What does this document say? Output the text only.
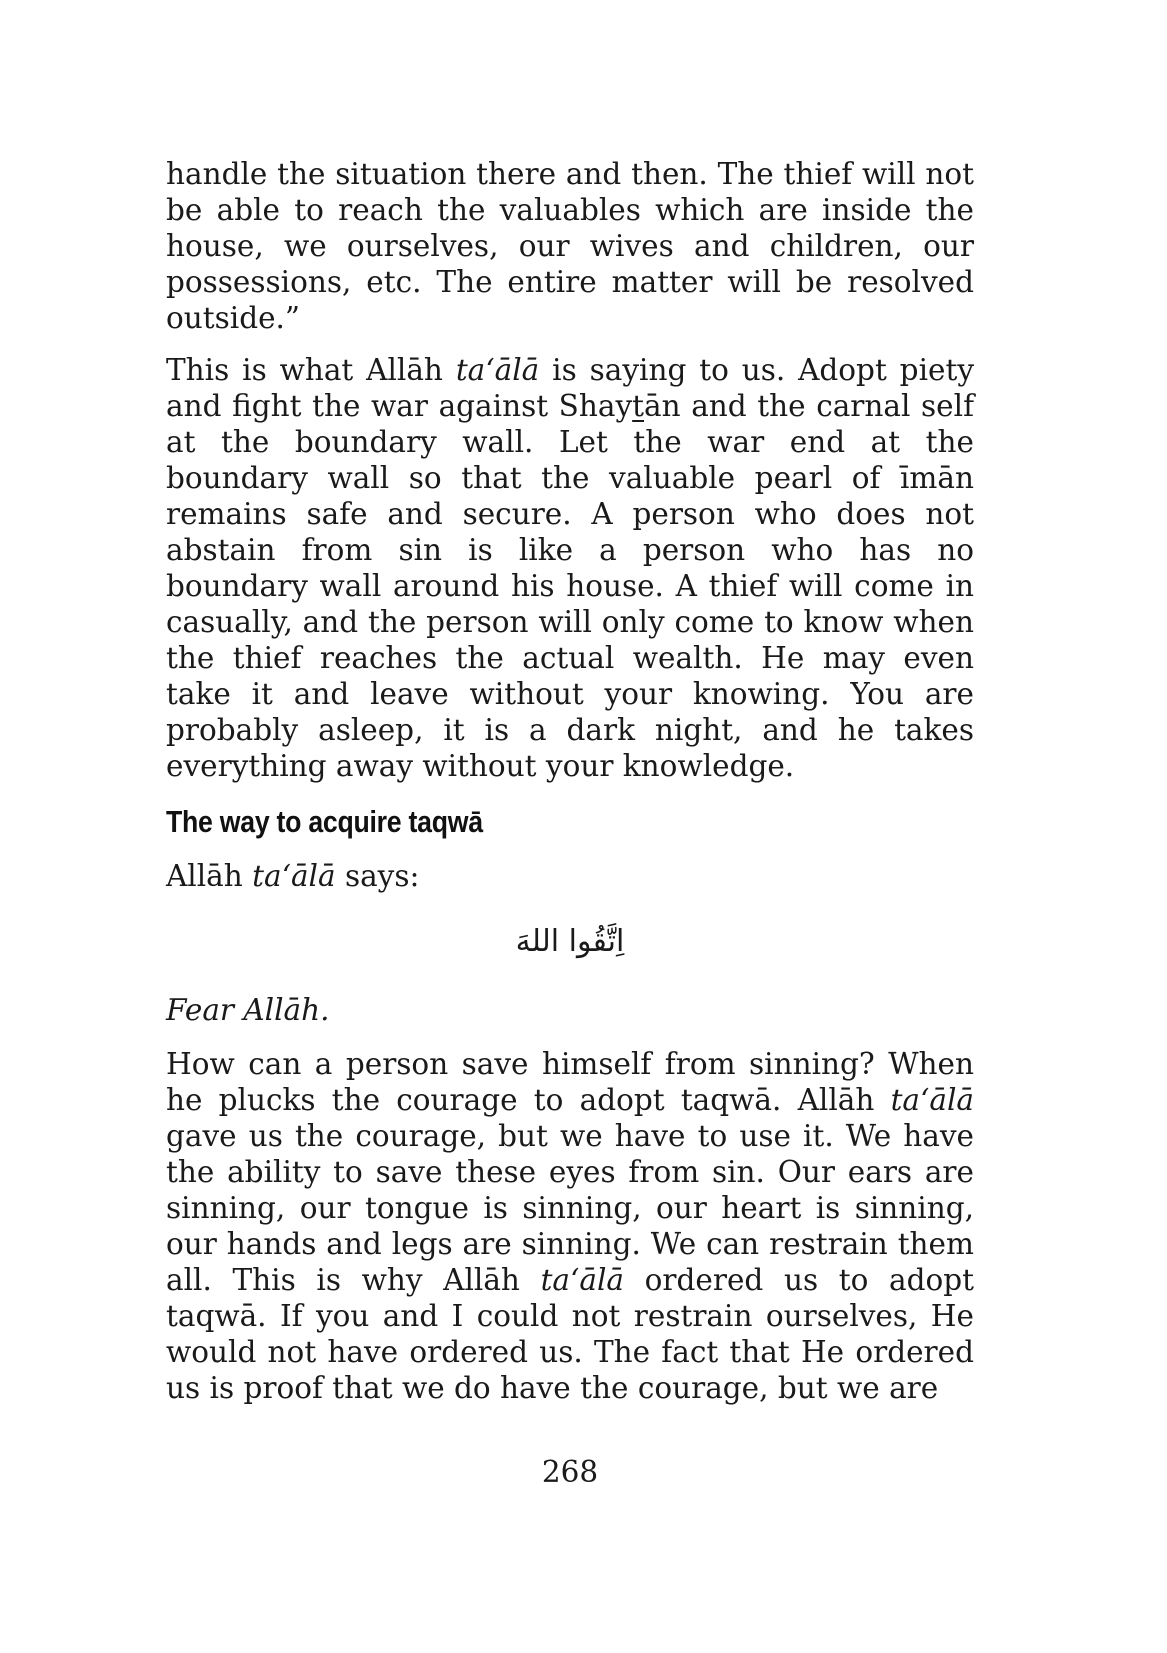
handle the situation there and then. The thief will not be able to reach the valuables which are inside the house, we ourselves, our wives and children, our possessions, etc. The entire matter will be resolved outside.”

This is what Allāh taʻālā is saying to us. Adopt piety and fight the war against Shaytān and the carnal self at the boundary wall. Let the war end at the boundary wall so that the valuable pearl of īmān remains safe and secure. A person who does not abstain from sin is like a person who has no boundary wall around his house. A thief will come in casually, and the person will only come to know when the thief reaches the actual wealth. He may even take it and leave without your knowing. You are probably asleep, it is a dark night, and he takes everything away without your knowledge.

The way to acquire taqwā

Allāh taʻālā says:

اِتَّقُوا اللهَ

Fear Allāh.

How can a person save himself from sinning? When he plucks the courage to adopt taqwā. Allāh taʻālā gave us the courage, but we have to use it. We have the ability to save these eyes from sin. Our ears are sinning, our tongue is sinning, our heart is sinning, our hands and legs are sinning. We can restrain them all. This is why Allāh taʻālā ordered us to adopt taqwā. If you and I could not restrain ourselves, He would not have ordered us. The fact that He ordered us is proof that we do have the courage, but we are

268
